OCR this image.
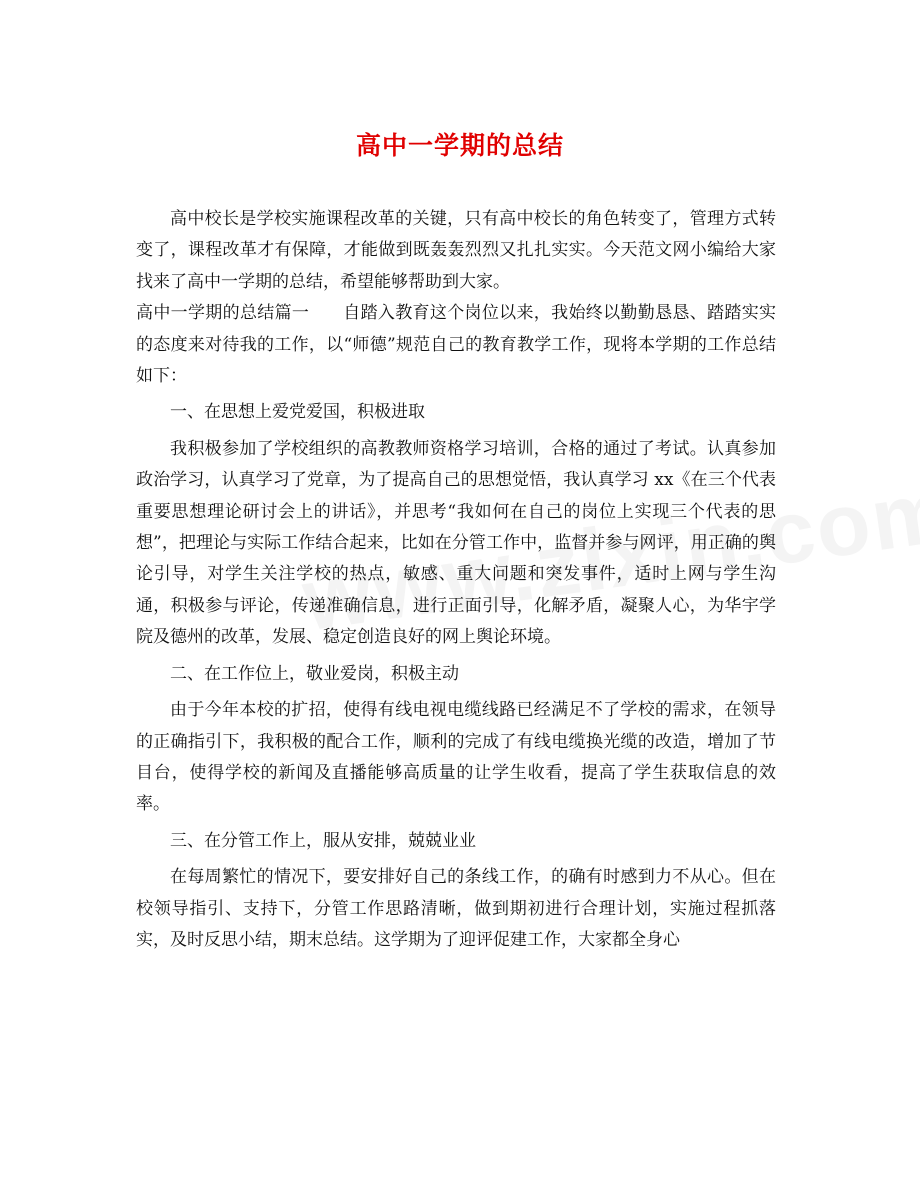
高中一学期的总结

高中校长是学校实施课程改革的关键，只有高中校长的角色转变了，管理方式转变了，课程改革才有保障，才能做到既轰轰烈烈又扎扎实实。今天范文网小编给大家找来了高中一学期的总结，希望能够帮助到大家。

高中一学期的总结篇一 自踏入教育这个岗位以来，我始终以勤勤恳恳、踏踏实实的态度来对待我的工作，以“师德”规范自己的教育教学工作，现将本学期的工作总结如下：

一、在思想上爱党爱国，积极进取

我积极参加了学校组织的高教教师资格学习培训，合格的通过了考试。认真参加政治学习，认真学习了党章，为了提高自己的思想觉悟，我认真学习 xx《在三个代表重要思想理论研讨会上的讲话》，并思考“我如何在自己的岗位上实现三个代表的思想”，把理论与实际工作结合起来，比如在分管工作中，监督并参与网评，用正确的舆论引导，对学生关注学校的热点，敏感、重大问题和突发事件，适时上网与学生沟通，积极参与评论，传递准确信息，进行正面引导，化解矛盾，凝聚人心，为华宇学院及德州的改革，发展、稳定创造良好的网上舆论环境。

二、在工作位上，敬业爱岗，积极主动

由于今年本校的扩招，使得有线电视电缆线路已经满足不了学校的需求，在领导的正确指引下，我积极的配合工作，顺利的完成了有线电缆换光缆的改造，增加了节目台，使得学校的新闻及直播能够高质量的让学生收看，提高了学生获取信息的效率。

三、在分管工作上，服从安排，兢兢业业

在每周繁忙的情况下，要安排好自己的条线工作，的确有时感到力不从心。但在校领导指引、支持下，分管工作思路清晰，做到期初进行合理计划，实施过程抓落实，及时反思小结，期末总结。这学期为了迎评促建工作，大家都全身心
